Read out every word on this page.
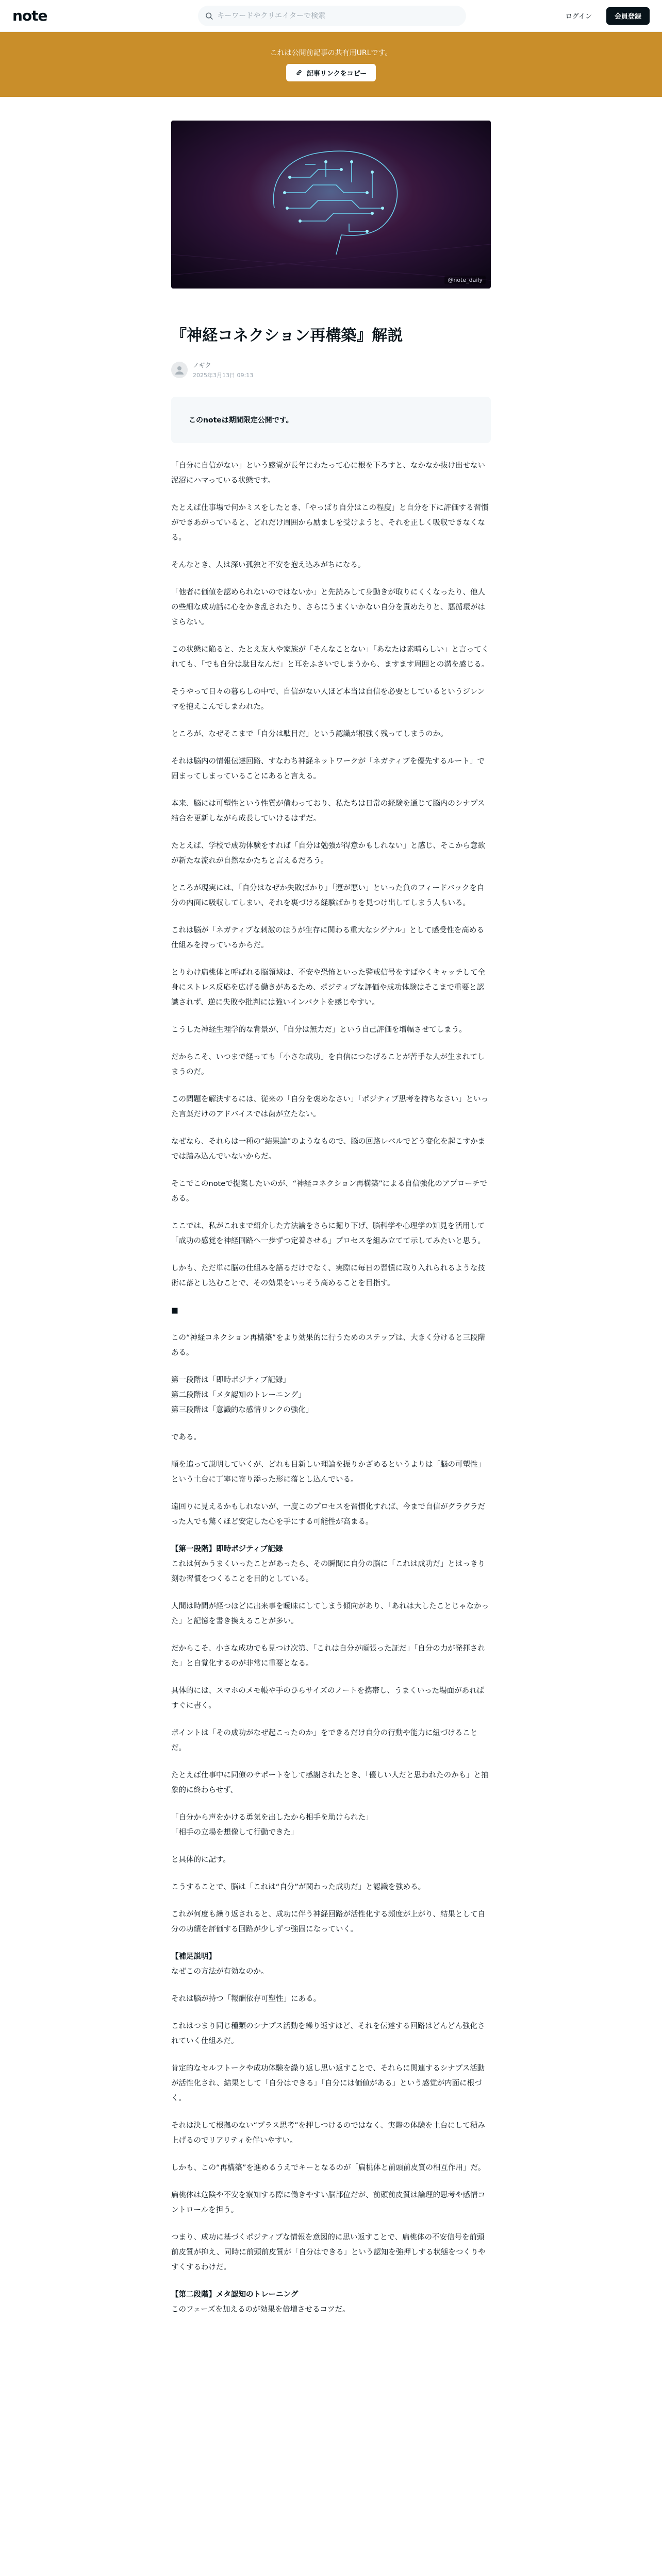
note
キーワードやクリエイターで検索	ログイン	会員登録
これは公開前記事の共有用URLです。
記事リンクをコピー
@note_daily
『神経コネクション再構築』解説
ノギク
2025年3月13日 09:13
このnoteは期間限定公開です。

「自分に自信がない」という感覚が長年にわたって心に根を下ろすと、なかなか抜け出せない泥沼にハマっている状態です。

たとえば仕事場で何かミスをしたとき、「やっぱり自分はこの程度」と自分を下に評価する習慣ができあがっていると、どれだけ周囲から励ましを受けようと、それを正しく吸収できなくなる。

そんなとき、人は深い孤独と不安を抱え込みがちになる。

「他者に価値を認められないのではないか」と先読みして身動きが取りにくくなったり、他人の些細な成功話に心をかき乱されたり、さらにうまくいかない自分を責めたりと、悪循環がはまらない。

この状態に陥ると、たとえ友人や家族が「そんなことない」「あなたは素晴らしい」と言ってくれても、「でも自分は駄目なんだ」と耳をふさいでしまうから、ますます周囲との溝を感じる。

そうやって日々の暮らしの中で、自信がない人ほど本当は自信を必要としているというジレンマを抱えこんでしまわれた。

ところが、なぜそこまで「自分は駄目だ」という認識が根強く残ってしまうのか。

それは脳内の情報伝達回路、すなわち神経ネットワークが「ネガティブを優先するルート」で固まってしまっていることにあると言える。

本来、脳には可塑性という性質が備わっており、私たちは日常の経験を通じて脳内のシナプス結合を更新しながら成長していけるはずだ。

たとえば、学校で成功体験をすれば「自分は勉強が得意かもしれない」と感じ、そこから意欲が新たな流れが自然なかたちと言えるだろう。

ところが現実には、「自分はなぜか失敗ばかり」「運が悪い」といった負のフィードバックを自分の内面に吸収してしまい、それを裏づける経験ばかりを見つけ出してしまう人もいる。

これは脳が「ネガティブな刺激のほうが生存に関わる重大なシグナル」として感受性を高める仕組みを持っているからだ。

とりわけ扁桃体と呼ばれる脳領域は、不安や恐怖といった警戒信号をすばやくキャッチして全身にストレス反応を広げる働きがあるため、ポジティブな評価や成功体験はそこまで重要と認識されず、逆に失敗や批判には強いインパクトを感じやすい。

こうした神経生理学的な背景が、「自分は無力だ」という自己評価を増幅させてしまう。

だからこそ、いつまで経っても「小さな成功」を自信につなげることが苦手な人が生まれてしまうのだ。

この問題を解決するには、従来の「自分を褒めなさい」「ポジティブ思考を持ちなさい」といった言葉だけのアドバイスでは歯が立たない。

なぜなら、それらは一種の“結果論”のようなもので、脳の回路レベルでどう変化を起こすかまでは踏み込んでいないからだ。

そこでこのnoteで提案したいのが、“神経コネクション再構築”による自信強化のアプローチである。

ここでは、私がこれまで紹介した方法論をさらに掘り下げ、脳科学や心理学の知見を活用して「成功の感覚を神経回路へ一歩ずつ定着させる」プロセスを組み立てて示してみたいと思う。

しかも、ただ単に脳の仕組みを語るだけでなく、実際に毎日の習慣に取り入れられるような技術に落とし込むことで、その効果をいっそう高めることを目指す。

■

この“神経コネクション再構築”をより効果的に行うためのステップは、大きく分けると三段階ある。

第一段階は「即時ポジティブ記録」
第二段階は「メタ認知のトレーニング」
第三段階は「意識的な感情リンクの強化」

である。

順を追って説明していくが、どれも目新しい理論を振りかざめるというよりは「脳の可塑性」という土台に丁寧に寄り添った形に落とし込んでいる。

遠回りに見えるかもしれないが、一度このプロセスを習慣化すれば、今まで自信がグラグラだった人でも驚くほど安定した心を手にする可能性が高まる。

【第一段階】即時ポジティブ記録

これは何かうまくいったことがあったら、その瞬間に自分の脳に「これは成功だ」とはっきり刻む習慣をつくることを目的としている。

人間は時間が経つほどに出来事を曖昧にしてしまう傾向があり、「あれは大したことじゃなかった」と記憶を書き換えることが多い。

だからこそ、小さな成功でも見つけ次第、「これは自分が頑張った証だ」「自分の力が発揮された」と自覚化するのが非常に重要となる。

具体的には、スマホのメモ帳や手のひらサイズのノートを携帯し、うまくいった場面があればすぐに書く。

ポイントは「その成功がなぜ起こったのか」をできるだけ自分の行動や能力に紐づけることだ。

たとえば仕事中に同僚のサポートをして感謝されたとき、「優しい人だと思われたのかも」と抽象的に終わらせず、

「自分から声をかける勇気を出したから相手を助けられた」
「相手の立場を想像して行動できた」

と具体的に記す。

こうすることで、脳は「これは“自分”が関わった成功だ」と認識を強める。

これが何度も繰り返されると、成功に伴う神経回路が活性化する頻度が上がり、結果として自分の功績を評価する回路が少しずつ強固になっていく。

【補足説明】

なぜこの方法が有効なのか。

それは脳が持つ「報酬依存可塑性」にある。

これはつまり同じ種類のシナプス活動を繰り返すほど、それを伝達する回路はどんどん強化されていく仕組みだ。

肯定的なセルフトークや成功体験を繰り返し思い返すことで、それらに関連するシナプス活動が活性化され、結果として「自分はできる」「自分には価値がある」という感覚が内面に根づく。

それは決して根拠のない“プラス思考”を押しつけるのではなく、実際の体験を土台にして積み上げるのでリアリティを伴いやすい。

しかも、この“再構築”を進めるうえでキーとなるのが「扁桃体と前頭前皮質の相互作用」だ。

扁桃体は危険や不安を察知する際に働きやすい脳部位だが、前頭前皮質は論理的思考や感情コントロールを担う。

つまり、成功に基づくポジティブな情報を意図的に思い返すことで、扁桃体の不安信号を前頭前皮質が抑え、同時に前頭前皮質が「自分はできる」という認知を強押しする状態をつくりやすくするわけだ。

【第二段階】メタ認知のトレーニング

このフェーズを加えるのが効果を倍増させるコツだ。
